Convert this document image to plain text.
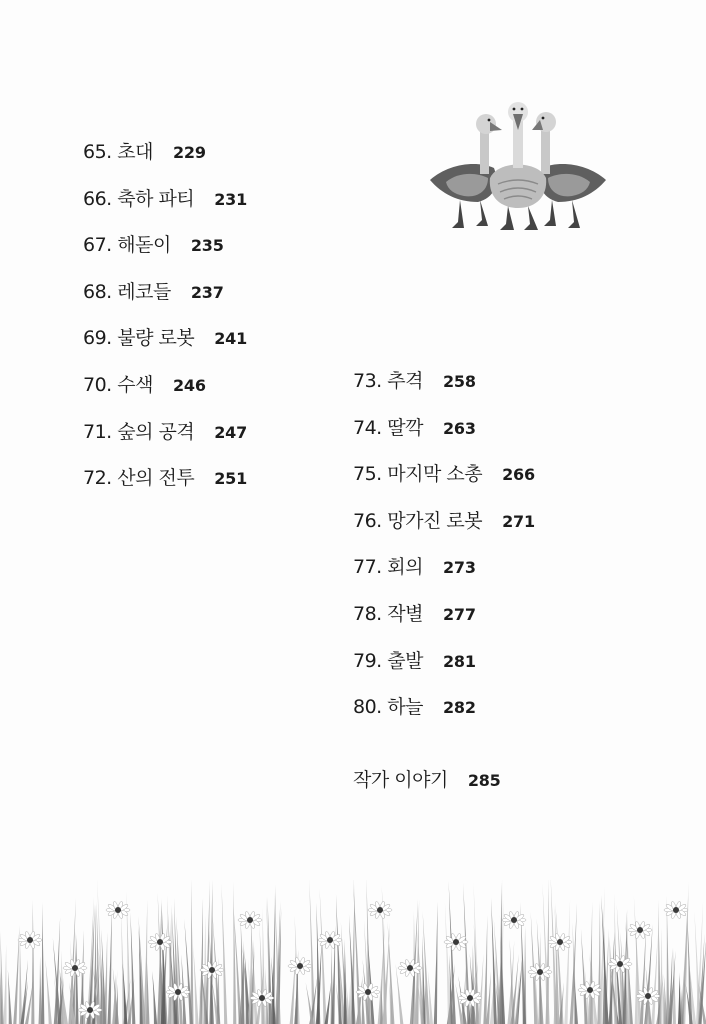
65. 초대 229
66. 축하 파티 231
67. 해돋이 235
68. 레코들 237
69. 불량 로봇 241
70. 수색 246
71. 숲의 공격 247
72. 산의 전투 251
73. 추격 258
74. 딸깍 263
75. 마지막 소총 266
76. 망가진 로봇 271
77. 회의 273
78. 작별 277
79. 출발 281
80. 하늘 282
작가 이야기 285
